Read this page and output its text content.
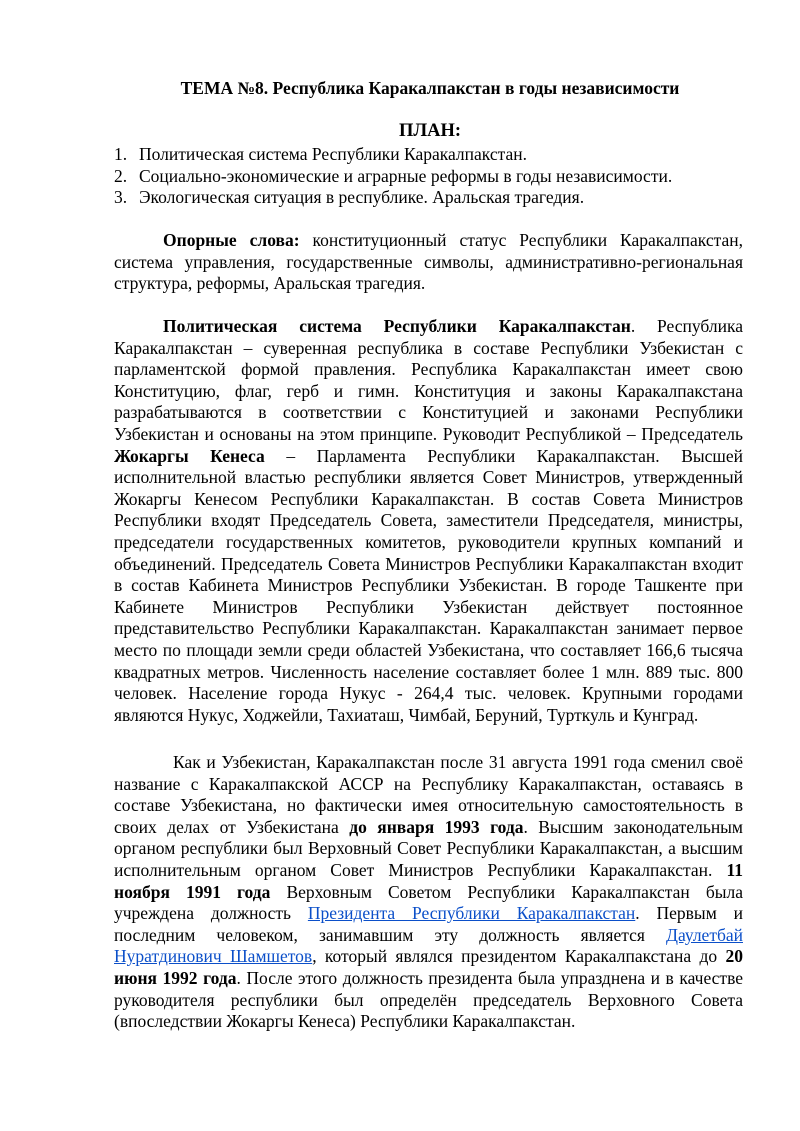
ТЕМА №8. Республика Каракалпакстан в годы независимости
ПЛАН:
1. Политическая система Республики Каракалпакстан.
2. Социально-экономические и аграрные реформы в годы независимости.
3. Экологическая ситуация в республике. Аральская трагедия.

Опорные слова: конституционный статус Республики Каракалпакстан, система управления, государственные символы, административно-региональная структура, реформы, Аральская трагедия.

Политическая система Республики Каракалпакстан. Республика Каракалпакстан – суверенная республика в составе Республики Узбекистан с парламентской формой правления. Республика Каракалпакстан имеет свою Конституцию, флаг, герб и гимн. Конституция и законы Каракалпакстана разрабатываются в соответствии с Конституцией и законами Республики Узбекистан и основаны на этом принципе. Руководит Республикой – Председатель Жокаргы Кенеса – Парламента Республики Каракалпакстан. Высшей исполнительной властью республики является Совет Министров, утвержденный Жокаргы Кенесом Республики Каракалпакстан. В состав Совета Министров Республики входят Председатель Совета, заместители Председателя, министры, председатели государственных комитетов, руководители крупных компаний и объединений. Председатель Совета Министров Республики Каракалпакстан входит в состав Кабинета Министров Республики Узбекистан. В городе Ташкенте при Кабинете Министров Республики Узбекистан действует постоянное представительство Республики Каракалпакстан. Каракалпакстан занимает первое место по площади земли среди областей Узбекистана, что составляет 166,6 тысяча квадратных метров. Численность население составляет более 1 млн. 889 тыс. 800 человек. Население города Нукус - 264,4 тыс. человек. Крупными городами являются Нукус, Ходжейли, Тахиаташ, Чимбай, Беруний, Турткуль и Кунград.

Как и Узбекистан, Каракалпакстан после 31 августа 1991 года сменил своё название с Каракалпакской АССР на Республику Каракалпакстан, оставаясь в составе Узбекистана, но фактически имея относительную самостоятельность в своих делах от Узбекистана до января 1993 года. Высшим законодательным органом республики был Верховный Совет Республики Каракалпакстан, а высшим исполнительным органом Совет Министров Республики Каракалпакстан. 11 ноября 1991 года Верховным Советом Республики Каракалпакстан была учреждена должность Президента Республики Каракалпакстан. Первым и последним человеком, занимавшим эту должность является Даулетбай Нуратдинович Шамшетов, который являлся президентом Каракалпакстана до 20 июня 1992 года. После этого должность президента была упразднена и в качестве руководителя республики был определён председатель Верховного Совета (впоследствии Жокаргы Кенеса) Республики Каракалпакстан.
